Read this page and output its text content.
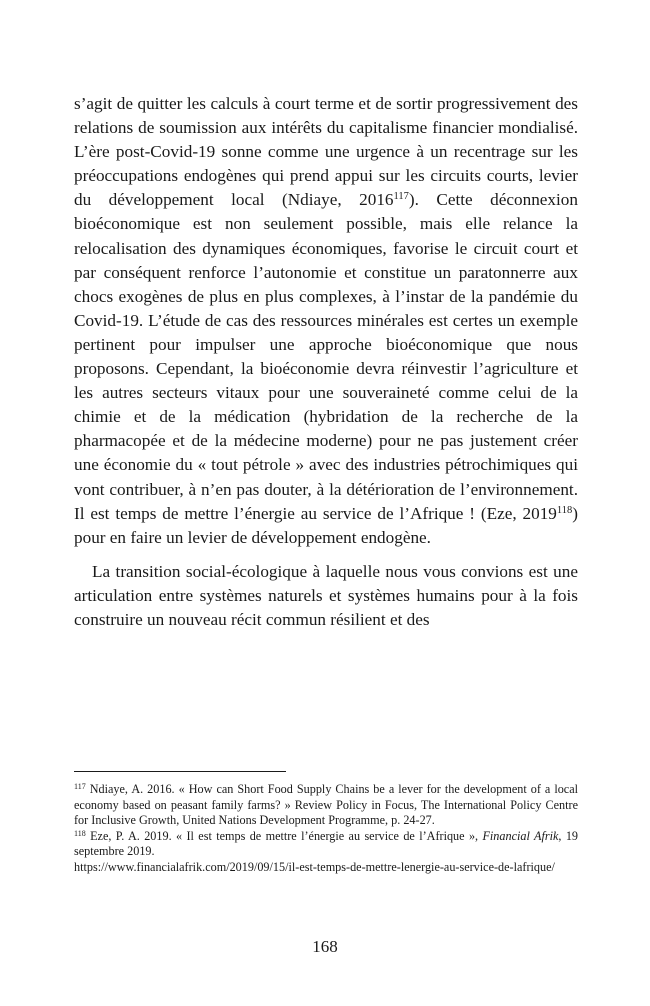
s’agit de quitter les calculs à court terme et de sortir progressivement des relations de soumission aux intérêts du capitalisme financier mondialisé. L’ère post-Covid-19 sonne comme une urgence à un recentrage sur les préoccupations endogènes qui prend appui sur les circuits courts, levier du développement local (Ndiaye, 2016$^{117}$). Cette déconnexion bioéconomique est non seulement possible, mais elle relance la relocalisation des dynamiques économiques, favorise le circuit court et par conséquent renforce l’autonomie et constitue un paratonnerre aux chocs exogènes de plus en plus complexes, à l’instar de la pandémie du Covid-19. L’étude de cas des ressources minérales est certes un exemple pertinent pour impulser une approche bioéconomique que nous proposons. Cependant, la bioéconomie devra réinvestir l’agriculture et les autres secteurs vitaux pour une souveraineté comme celui de la chimie et de la médication (hybridation de la recherche de la pharmacopée et de la médecine moderne) pour ne pas justement créer une économie du « tout pétrole » avec des industries pétrochimiques qui vont contribuer, à n’en pas douter, à la détérioration de l’environnement. Il est temps de mettre l’énergie au service de l’Afrique ! (Eze, 2019$^{118}$) pour en faire un levier de développement endogène.

La transition social-écologique à laquelle nous vous convions est une articulation entre systèmes naturels et systèmes humains pour à la fois construire un nouveau récit commun résilient et des

$^{117}$ Ndiaye, A. 2016. « How can Short Food Supply Chains be a lever for the development of a local economy based on peasant family farms? » Review Policy in Focus, The International Policy Centre for Inclusive Growth, United Nations Development Programme, p. 24-27.

$^{118}$ Eze, P. A. 2019. « Il est temps de mettre l’énergie au service de l’Afrique », Financial Afrik, 19 septembre 2019.

https://www.financialafrik.com/2019/09/15/il-est-temps-de-mettre-lenergie-au-service-de-lafrique/

168
